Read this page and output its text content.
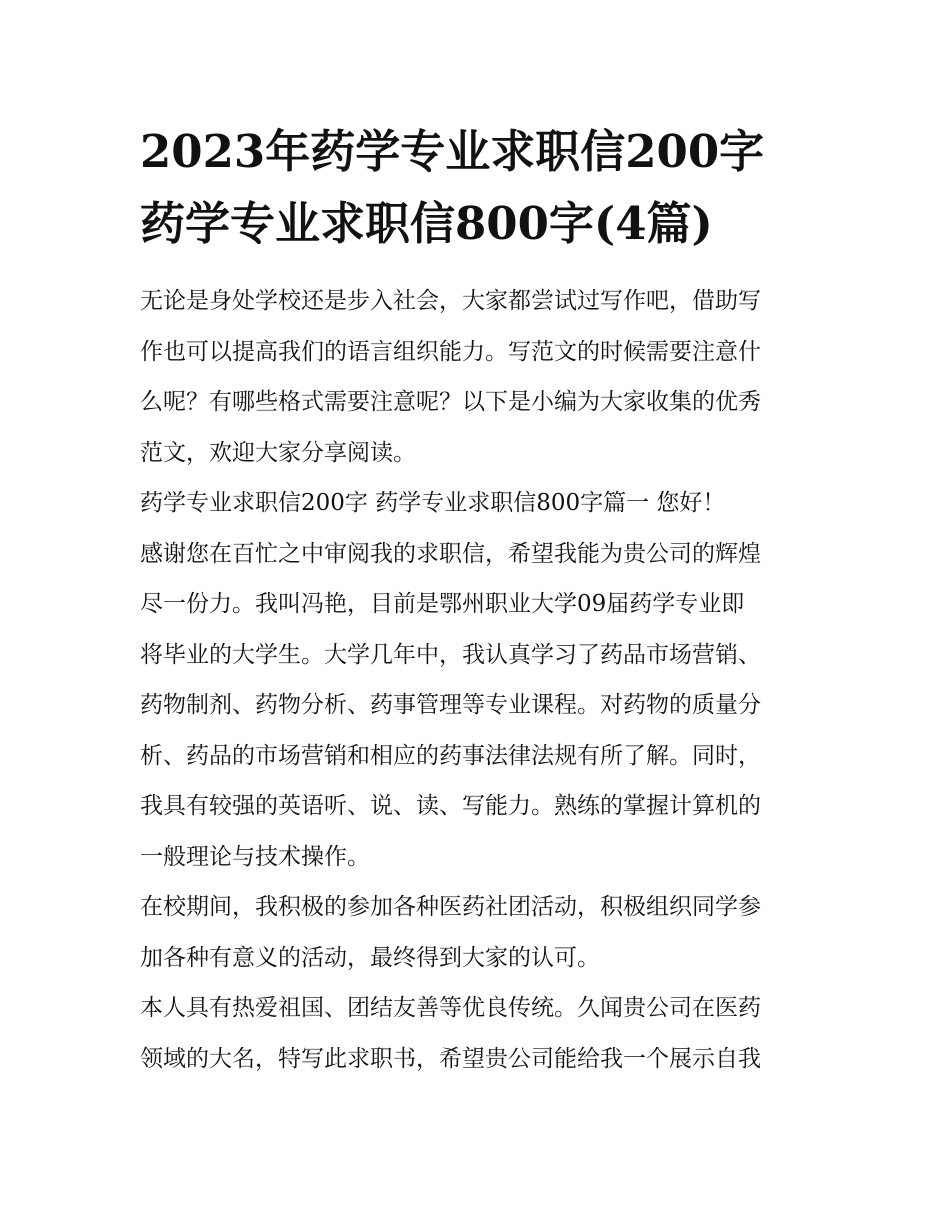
2023年药学专业求职信200字
药学专业求职信800字(4篇)

无论是身处学校还是步入社会，大家都尝试过写作吧，借助写
作也可以提高我们的语言组织能力。写范文的时候需要注意什
么呢？有哪些格式需要注意呢？以下是小编为大家收集的优秀
范文，欢迎大家分享阅读。

药学专业求职信200字 药学专业求职信800字篇一 您好！

感谢您在百忙之中审阅我的求职信，希望我能为贵公司的辉煌
尽一份力。我叫冯艳，目前是鄂州职业大学09届药学专业即
将毕业的大学生。大学几年中，我认真学习了药品市场营销、
药物制剂、药物分析、药事管理等专业课程。对药物的质量分
析、药品的市场营销和相应的药事法律法规有所了解。同时，
我具有较强的英语听、说、读、写能力。熟练的掌握计算机的
一般理论与技术操作。

在校期间，我积极的参加各种医药社团活动，积极组织同学参
加各种有意义的活动，最终得到大家的认可。

本人具有热爱祖国、团结友善等优良传统。久闻贵公司在医药
领域的大名，特写此求职书，希望贵公司能给我一个展示自我
